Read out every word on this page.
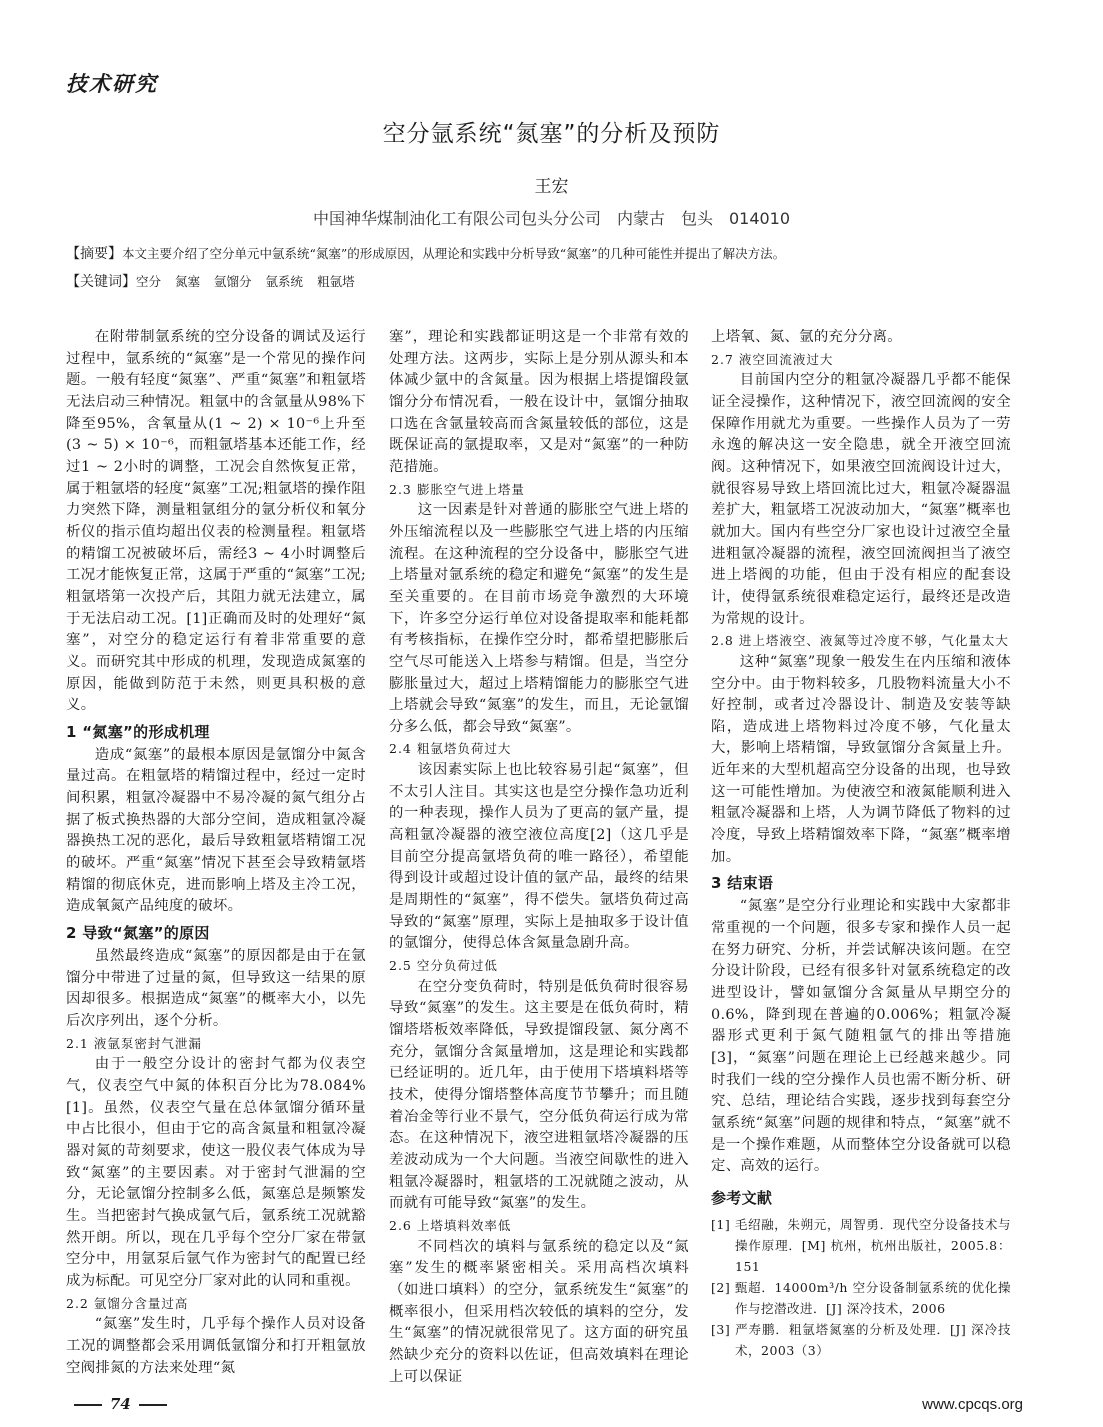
技术研究
空分氩系统“氮塞”的分析及预防
王宏
中国神华煤制油化工有限公司包头分公司　内蒙古　包头　014010
【摘要】本文主要介绍了空分单元中氩系统“氮塞”的形成原因，从理论和实践中分析导致“氮塞”的几种可能性并提出了解决方法。
【关键词】空分 氮塞 氩馏分 氩系统 粗氩塔

在附带制氩系统的空分设备的调试及运行过程中，氩系统的“氮塞”是一个常见的操作问题。一般有轻度“氮塞”、严重“氮塞”和粗氩塔无法启动三种情况。粗氩中的含氩量从98%下降至95%，含氧量从(1 ~ 2) × 10⁻⁶上升至(3 ~ 5) × 10⁻⁶，而粗氩塔基本还能工作，经过1 ~ 2小时的调整，工况会自然恢复正常，属于粗氩塔的轻度“氮塞”工况;粗氩塔的操作阻力突然下降，测量粗氩组分的氩分析仪和氧分析仪的指示值均超出仪表的检测量程。粗氩塔的精馏工况被破坏后，需经3 ~ 4小时调整后工况才能恢复正常，这属于严重的“氮塞”工况;粗氩塔第一次投产后，其阻力就无法建立，属于无法启动工况。[1]正确而及时的处理好“氮塞”，对空分的稳定运行有着非常重要的意义。而研究其中形成的机理，发现造成氮塞的原因，能做到防范于未然，则更具积极的意义。

1 “氮塞”的形成机理

造成“氮塞”的最根本原因是氩馏分中氮含量过高。在粗氩塔的精馏过程中，经过一定时间积累，粗氩冷凝器中不易冷凝的氮气组分占据了板式换热器的大部分空间，造成粗氩冷凝器换热工况的恶化，最后导致粗氩塔精馏工况的破坏。严重“氮塞”情况下甚至会导致精氩塔精馏的彻底休克，进而影响上塔及主冷工况，造成氧氮产品纯度的破坏。

2 导致“氮塞”的原因

虽然最终造成“氮塞”的原因都是由于在氩馏分中带进了过量的氮，但导致这一结果的原因却很多。根据造成“氮塞”的概率大小，以先后次序列出，逐个分析。

2.1 液氩泵密封气泄漏

由于一般空分设计的密封气都为仪表空气，仪表空气中氮的体积百分比为78.084%[1]。虽然，仪表空气量在总体氩馏分循环量中占比很小，但由于它的高含氮量和粗氩冷凝器对氮的苛刻要求，使这一股仪表气体成为导致“氮塞”的主要因素。对于密封气泄漏的空分，无论氩馏分控制多么低，氮塞总是频繁发生。当把密封气换成氩气后，氩系统工况就豁然开朗。所以，现在几乎每个空分厂家在带氩空分中，用氩泵后氩气作为密封气的配置已经成为标配。可见空分厂家对此的认同和重视。

2.2 氩馏分含量过高

“氮塞”发生时，几乎每个操作人员对设备工况的调整都会采用调低氩馏分和打开粗氩放空阀排氮的方法来处理“氮

塞”，理论和实践都证明这是一个非常有效的处理方法。这两步，实际上是分别从源头和本体减少氩中的含氮量。因为根据上塔提馏段氩馏分分布情况看，一般在设计中，氩馏分抽取口选在含氩量较高而含氮量较低的部位，这是既保证高的氩提取率，又是对“氮塞”的一种防范措施。

2.3 膨胀空气进上塔量

这一因素是针对普通的膨胀空气进上塔的外压缩流程以及一些膨胀空气进上塔的内压缩流程。在这种流程的空分设备中，膨胀空气进上塔量对氩系统的稳定和避免“氮塞”的发生是至关重要的。在目前市场竞争激烈的大环境下，许多空分运行单位对设备提取率和能耗都有考核指标，在操作空分时，都希望把膨胀后空气尽可能送入上塔参与精馏。但是，当空分膨胀量过大，超过上塔精馏能力的膨胀空气进上塔就会导致“氮塞”的发生，而且，无论氩馏分多么低，都会导致“氮塞”。

2.4 粗氩塔负荷过大

该因素实际上也比较容易引起“氮塞”，但不太引人注目。其实这也是空分操作急功近利的一种表现，操作人员为了更高的氩产量，提高粗氩冷凝器的液空液位高度[2]（这几乎是目前空分提高氩塔负荷的唯一路径），希望能得到设计或超过设计值的氩产品，最终的结果是周期性的“氮塞”，得不偿失。氩塔负荷过高导致的“氮塞”原理，实际上是抽取多于设计值的氩馏分，使得总体含氮量急剧升高。

2.5 空分负荷过低

在空分变负荷时，特别是低负荷时很容易导致“氮塞”的发生。这主要是在低负荷时，精馏塔塔板效率降低，导致提馏段氩、氮分离不充分，氩馏分含氮量增加，这是理论和实践都已经证明的。近几年，由于使用下塔填料塔等技术，使得分馏塔整体高度节节攀升；而且随着冶金等行业不景气，空分低负荷运行成为常态。在这种情况下，液空进粗氩塔冷凝器的压差波动成为一个大问题。当液空间歇性的进入粗氩冷凝器时，粗氩塔的工况就随之波动，从而就有可能导致“氮塞”的发生。

2.6 上塔填料效率低

不同档次的填料与氩系统的稳定以及“氮塞”发生的概率紧密相关。采用高档次填料（如进口填料）的空分，氩系统发生“氮塞”的概率很小，但采用档次较低的填料的空分，发生“氮塞”的情况就很常见了。这方面的研究虽然缺少充分的资料以佐证，但高效填料在理论上可以保证

上塔氧、氮、氩的充分分离。

2.7 液空回流液过大

目前国内空分的粗氩冷凝器几乎都不能保证全浸操作，这种情况下，液空回流阀的安全保障作用就尤为重要。一些操作人员为了一劳永逸的解决这一安全隐患，就全开液空回流阀。这种情况下，如果液空回流阀设计过大，就很容易导致上塔回流比过大，粗氩冷凝器温差扩大，粗氩塔工况波动加大，“氮塞”概率也就加大。国内有些空分厂家也设计过液空全量进粗氩冷凝器的流程，液空回流阀担当了液空进上塔阀的功能，但由于没有相应的配套设计，使得氩系统很难稳定运行，最终还是改造为常规的设计。

2.8 进上塔液空、液氮等过冷度不够，气化量太大

这种“氮塞”现象一般发生在内压缩和液体空分中。由于物料较多，几股物料流量大小不好控制，或者过冷器设计、制造及安装等缺陷，造成进上塔物料过冷度不够，气化量太大，影响上塔精馏，导致氩馏分含氮量上升。近年来的大型机超高空分设备的出现，也导致这一可能性增加。为使液空和液氮能顺利进入粗氩冷凝器和上塔，人为调节降低了物料的过冷度，导致上塔精馏效率下降，“氮塞”概率增加。

3 结束语

“氮塞”是空分行业理论和实践中大家都非常重视的一个问题，很多专家和操作人员一起在努力研究、分析，并尝试解决该问题。在空分设计阶段，已经有很多针对氩系统稳定的改进型设计，譬如氩馏分含氮量从早期空分的0.6%，降到现在普遍的0.006%；粗氩冷凝器形式更利于氮气随粗氩气的排出等措施[3]，“氮塞”问题在理论上已经越来越少。同时我们一线的空分操作人员也需不断分析、研究、总结，理论结合实践，逐步找到每套空分氩系统“氮塞”问题的规律和特点，“氮塞”就不是一个操作难题，从而整体空分设备就可以稳定、高效的运行。

参考文献
[1] 毛绍融，朱朔元，周智勇．现代空分设备技术与操作原理．[M] 杭州，杭州出版社，2005.8：151
[2] 甄超．14000m³/h 空分设备制氩系统的优化操作与挖潜改进．[J] 深冷技术，2006
[3] 严寿鹏．粗氩塔氮塞的分析及处理．[J] 深冷技术，2003（3）
74	www.cpcqs.org
